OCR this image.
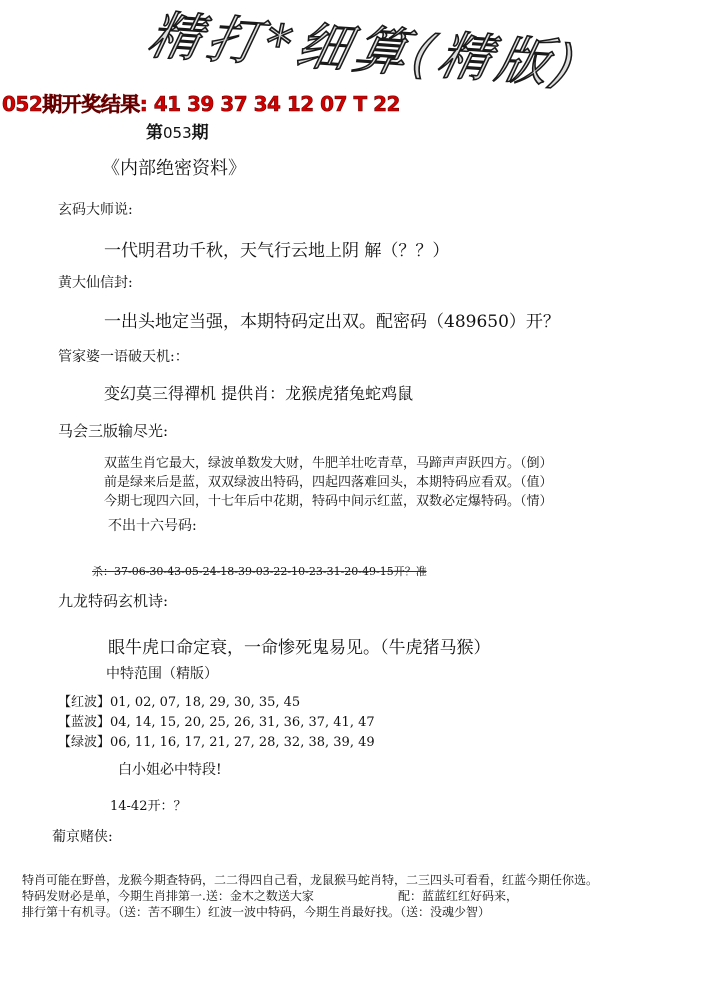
精打*细算(精版)
052期开奖结果: 41 39 37 34 12 07 T 22
第053期
《内部绝密资料》
玄码大师说:
一代明君功千秋，天气行云地上阴 解（？？）
黄大仙信封:
一出头地定当强，本期特码定出双。配密码（489650）开？
管家婆一语破天机:：
变幻莫三得禪机 提供肖：龙猴虎猪兔蛇鸡鼠
马会三版输尽光:
双蓝生肖它最大，绿波单数发大财，牛肥羊壮吃青草，马蹄声声跃四方。（倒）
前是绿来后是蓝，双双绿波出特码，四起四落难回头，本期特码应看双。（值）
今期七现四六回，十七年后中花期，特码中间示红蓝，双数必定爆特码。（情）
不出十六号码:
杀：37-06-30-43-05-24-18-39-03-22-10-23-31-20-49-15开？准
九龙特码玄机诗:
眼牛虎口命定衰，一命惨死鬼易见。（牛虎猪马猴）
中特范围（精版）
【红波】01, 02, 07, 18, 29, 30, 35, 45
【蓝波】04, 14, 15, 20, 25, 26, 31, 36, 37, 41, 47
【绿波】06, 11, 16, 17, 21, 27, 28, 32, 38, 39, 49
白小姐必中特段!
14-42开：？
葡京赌侠:
特肖可能在野兽，龙猴今期查特码，二二得四自己看，龙鼠猴马蛇肖特，二三四头可看看，红蓝今期任你选。
特码发财必是单，今期生肖排第一.送：金木之数送大家	配：蓝蓝红红好码来，
排行第十有机寻。（送：苦不聊生）红波一波中特码，今期生肖最好找。（送：没魂少智）
